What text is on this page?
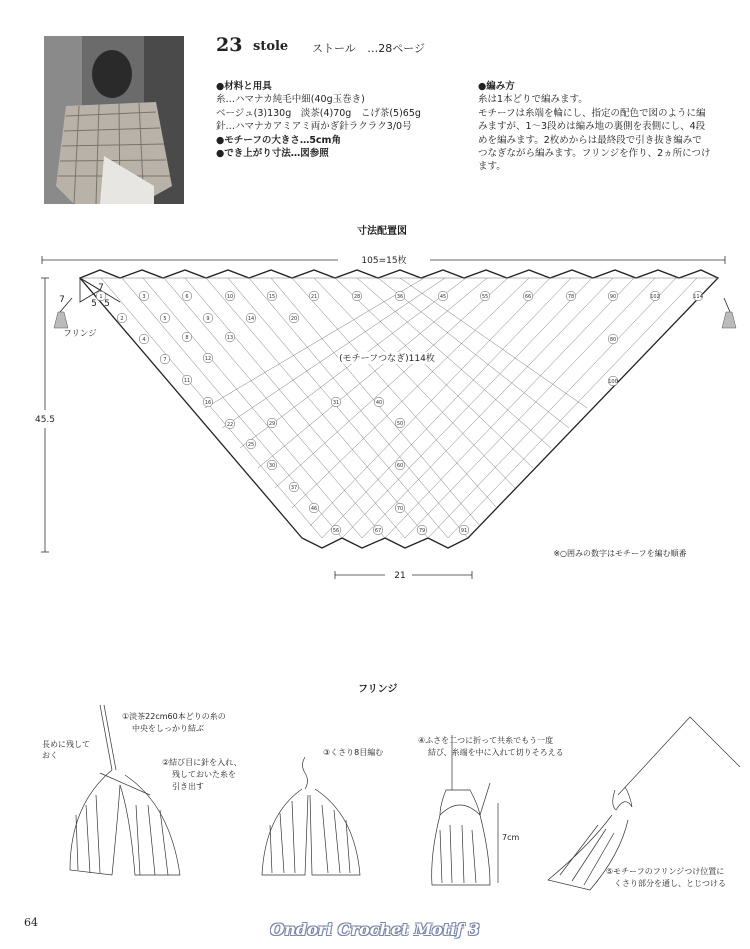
23 stole ストール …28ページ
●材料と用具
糸…ハマナカ純毛中細(40g玉巻き)
ベージュ(3)130g　淡茶(4)70g　こげ茶(5)65g
針…ハマナカアミアミ両かぎ針ラクラク3/0号
●モチーフの大きさ…5cm角
●でき上がり寸法…図参照
●編み方
糸は1本どりで編みます。
モチーフは糸端を輪にし、指定の配色で図のように編
みますが、1～3段めは編み地の裏側を表側にし、4段
めを編みます。2枚めからは最終段で引き抜き編みで
つなぎながら編みます。フリンジを作り、2ヵ所につけ
ます。
寸法配置図
1	3	6	10	15	21	28	36	45	55	66	78	90	102	114
2
4
5
7
8
9
11
12
13
14
16
20
22
25
29
30
31
37
40
46
50
56
60
67
70
79
80
91
100
7
7	5 5
105=15枚
45.5
21
フリンジ
(モチーフつなぎ)114枚
※○囲みの数字はモチーフを編む順番
フリンジ
長めに残して おく
①淡茶22cm60本どりの糸の 中央をしっかり結ぶ
②結び目に針を入れ、 残しておいた糸を 引き出す
③くさり8目編む
④ふさを二つに折って共糸でもう一度 結び、糸端を中に入れて切りそろえる
7cm
⑤モチーフのフリンジつけ位置に くさり部分を通し、とじつける
64	Ondori Crochet Motif 3
